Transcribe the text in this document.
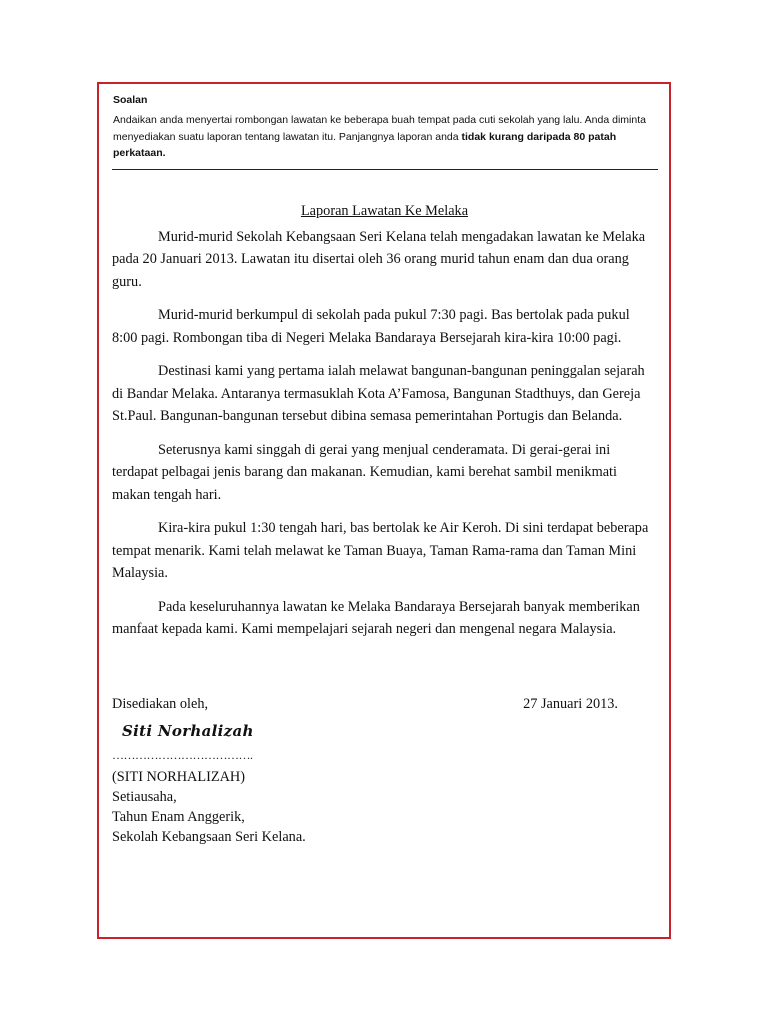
Soalan
Andaikan anda menyertai rombongan lawatan ke beberapa buah tempat pada cuti sekolah yang lalu. Anda diminta menyediakan suatu laporan tentang lawatan itu. Panjangnya laporan anda tidak kurang daripada 80 patah perkataan.
Laporan Lawatan Ke Melaka

Murid-murid Sekolah Kebangsaan Seri Kelana telah mengadakan lawatan ke Melaka pada 20 Januari 2013. Lawatan itu disertai oleh 36 orang murid tahun enam dan dua orang guru.

Murid-murid berkumpul di sekolah pada pukul 7:30 pagi. Bas bertolak pada pukul 8:00 pagi. Rombongan tiba di Negeri Melaka Bandaraya Bersejarah kira-kira 10:00 pagi.

Destinasi kami yang pertama ialah melawat bangunan-bangunan peninggalan sejarah di Bandar Melaka. Antaranya termasuklah Kota A’Famosa, Bangunan Stadthuys, dan Gereja St.Paul. Bangunan-bangunan tersebut dibina semasa pemerintahan Portugis dan Belanda.

Seterusnya kami singgah di gerai yang menjual cenderamata. Di gerai-gerai ini terdapat pelbagai jenis barang dan makanan. Kemudian, kami berehat sambil menikmati makan tengah hari.

Kira-kira pukul 1:30 tengah hari, bas bertolak ke Air Keroh. Di sini terdapat beberapa tempat menarik. Kami telah melawat ke Taman Buaya, Taman Rama-rama dan Taman Mini Malaysia.

Pada keseluruhannya lawatan ke Melaka Bandaraya Bersejarah banyak memberikan manfaat kepada kami. Kami mempelajari sejarah negeri dan mengenal negara Malaysia.

Disediakan oleh,	27 Januari 2013.
Siti Norhalizah
……………………………….
(SITI NORHALIZAH)
Setiausaha,
Tahun Enam Anggerik,
Sekolah Kebangsaan Seri Kelana.
